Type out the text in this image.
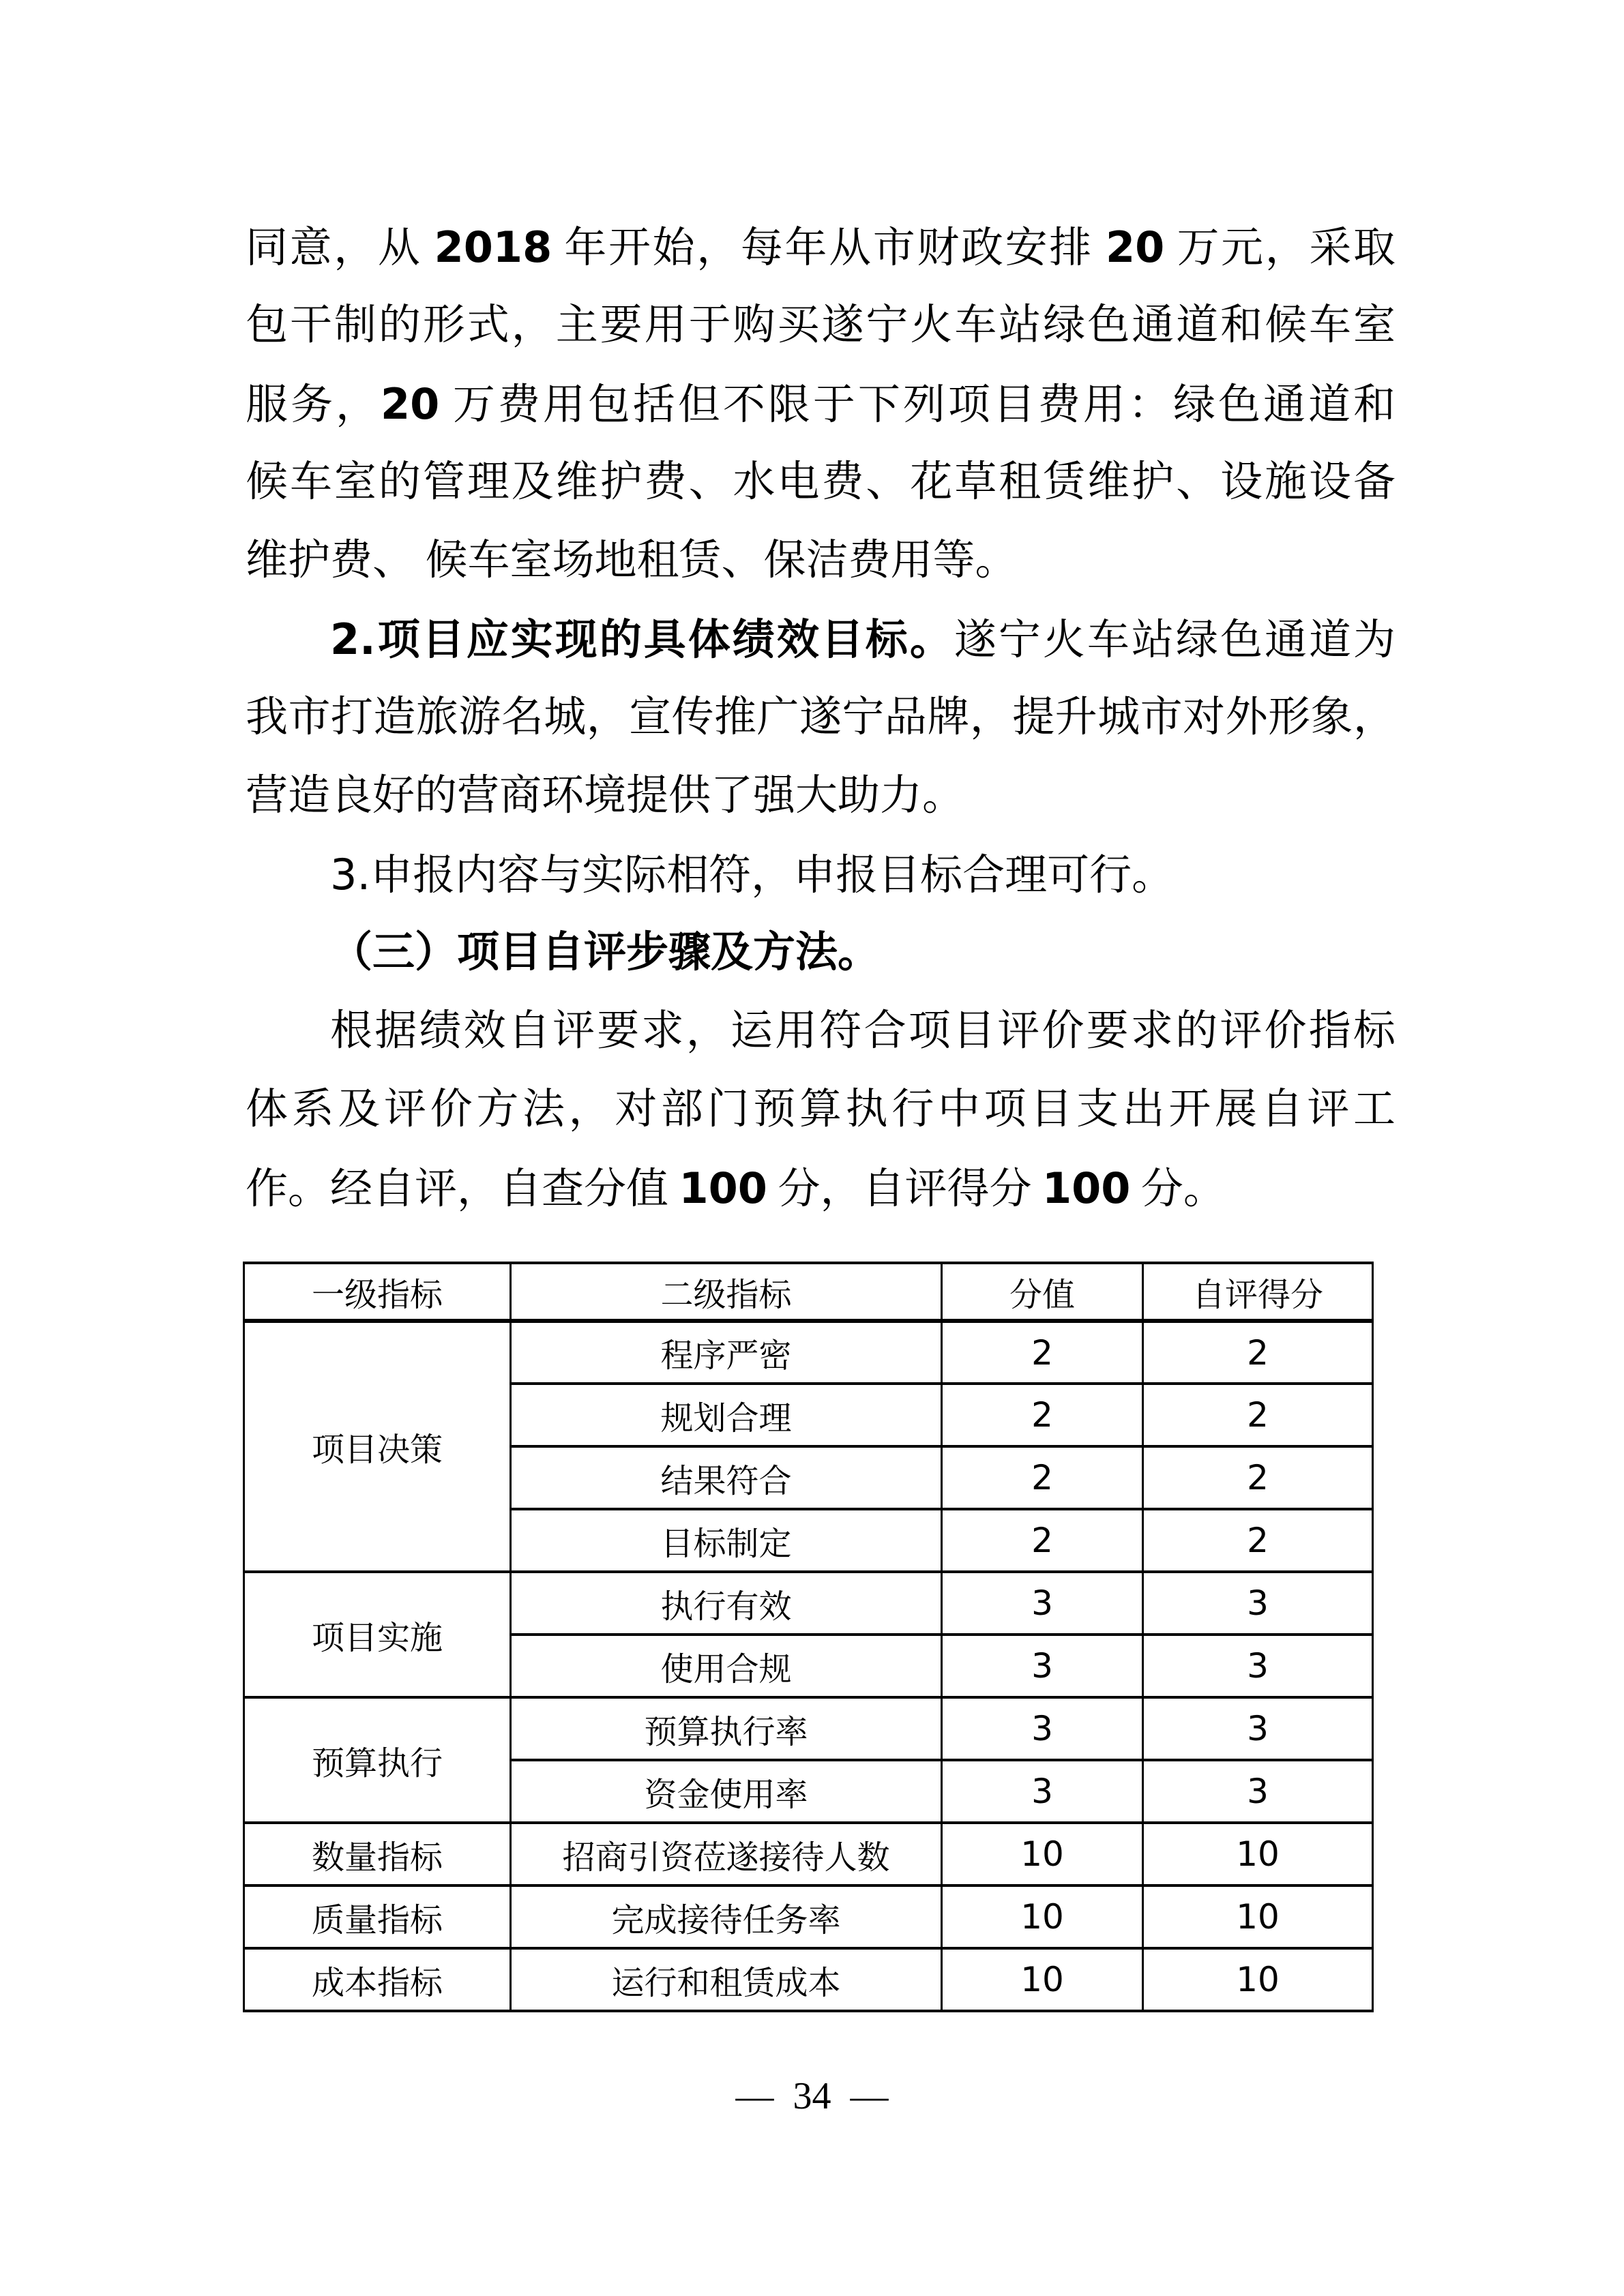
同意，从 2018 年开始，每年从市财政安排 20 万元，采取
包干制的形式，主要用于购买遂宁火车站绿色通道和候车室
服务，20 万费用包括但不限于下列项目费用：绿色通道和
候车室的管理及维护费、水电费、花草租赁维护、设施设备
维护费、 候车室场地租赁、保洁费用等。
2.项目应实现的具体绩效目标。遂宁火车站绿色通道为
我市打造旅游名城，宣传推广遂宁品牌，提升城市对外形象，
营造良好的营商环境提供了强大助力。
3.申报内容与实际相符，申报目标合理可行。
（三）项目自评步骤及方法。
根据绩效自评要求，运用符合项目评价要求的评价指标
体系及评价方法，对部门预算执行中项目支出开展自评工
作。经自评，自查分值 100 分，自评得分 100 分。
一级指标	二级指标	分值	自评得分
项目决策	程序严密	2	2
	规划合理	2	2
	结果符合	2	2
	目标制定	2	2
项目实施	执行有效	3	3
	使用合规	3	3
预算执行	预算执行率	3	3
	资金使用率	3	3
数量指标	招商引资莅遂接待人数	10	10
质量指标	完成接待任务率	10	10
成本指标	运行和租赁成本	10	10
— 34 —
